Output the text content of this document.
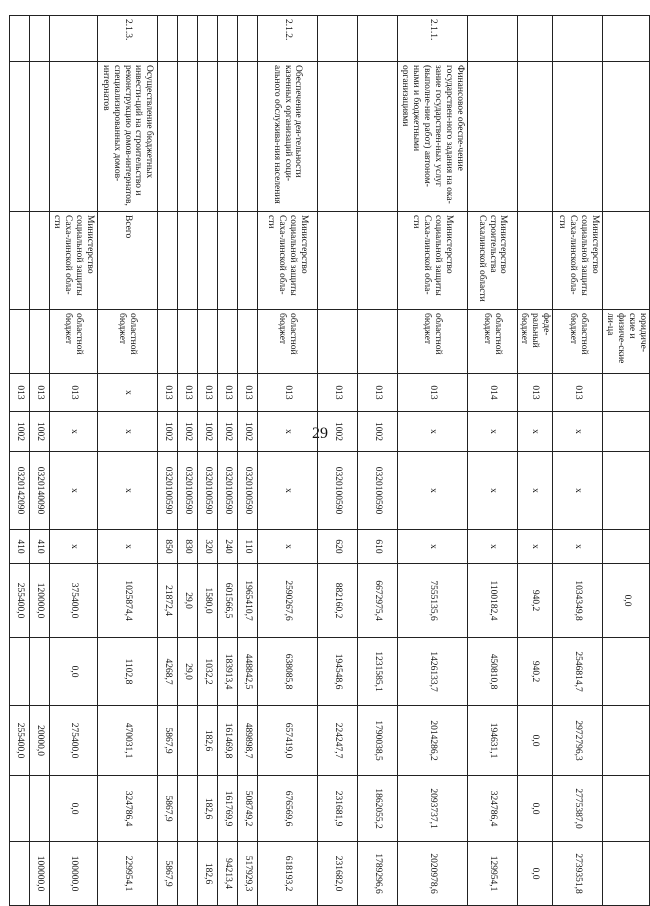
29
			юридиче-ские и физиче-ские ли-ца					0,0				
		Министерство социальной защиты Саха-линской обла-сти	областной бюджет	013	х	х	х	1034349,8	2546814,7	2972796,3	2775387,0	2739351,8
			феде-ральный бюджет	013	х	х	х	940,2	940,2	0,0	0,0	0,0
		Министерство строительства Сахалинской области	областной бюджет	014	х	х	х	1100182,4	450810,8	194631,1	324786,4	129954,1
2.1.1.	Финансовое обеспе-чение государствен-ного задания на ока-зание государствен-ных услуг (выполне-ние работ) автоном-ными и бюджетными организациями	Министерство социальной защиты Саха-линской обла-сти	областной бюджет	013	х	х	х	7555135,6	1426133,7	2014286,2	2093737,1	2020978,6
				013	1002	0320100590	610	6672975,4	1231585,1	1790038,5	1862055,2	1789296,6
				013	1002	0320100590	620	882160,2	194548,6	224247,7	231681,9	231682,0
2.1.2.	Обеспечение дея-тельности казенных организаций соци-ального обслужива-ния населения	Министерство социальной защиты Саха-линской обла-сти	областной бюджет	013	х	х	х	2590267,6	638085,8	657419,0	676569,6	618193,2
				013	1002	0320100590	110	1965410,7	448842,5	489898,7	508749,2	517929,3
				013	1002	0320100590	240	601566,5	183913,4	161469,8	161769,9	94213,4
				013	1002	0320100590	320	1580,0	1032,2	182,6	182,6	182,6
				013	1002	0320100590	830	29,0	29,0			
				013	1002	0320100590	850	21872,4	4268,7	5867,9	5867,9	5867,9
2.1.3.	Осуществление бюджетных инвести-ций на строительство и реконструкцию домов-интернатов, специализированных домов-интернатов	Всего	областной бюджет	х	х	х	х	1025874,4	1102,8	470031,1	324786,4	229954,1
		Министерство социальной защиты Саха-линской обла-сти	областной бюджет	013	х	х	х	375400,0	0,0	275400,0	0,0	100000,0
				013	1002	0320140090	410	120000,0		20000,0		100000,0
				013	1002	0320142090	410	255400,0		255400,0		
